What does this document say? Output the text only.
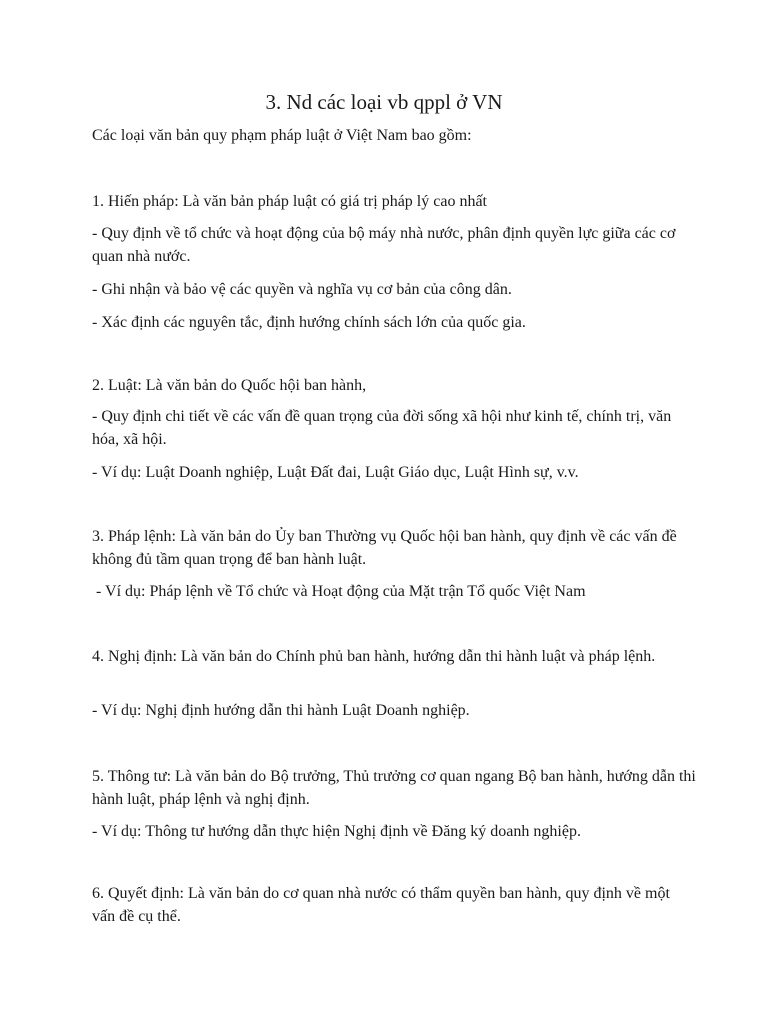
3. Nd các loại vb qppl ở VN
Các loại văn bản quy phạm pháp luật ở Việt Nam bao gồm:
1. Hiến pháp: Là văn bản pháp luật có giá trị pháp lý cao nhất
- Quy định về tổ chức và hoạt động của bộ máy nhà nước, phân định quyền lực giữa các cơ quan nhà nước.
- Ghi nhận và bảo vệ các quyền và nghĩa vụ cơ bản của công dân.
- Xác định các nguyên tắc, định hướng chính sách lớn của quốc gia.
2. Luật: Là văn bản do Quốc hội ban hành,
- Quy định chi tiết về các vấn đề quan trọng của đời sống xã hội như kinh tế, chính trị, văn hóa, xã hội.
- Ví dụ: Luật Doanh nghiệp, Luật Đất đai, Luật Giáo dục, Luật Hình sự, v.v.
3. Pháp lệnh: Là văn bản do Ủy ban Thường vụ Quốc hội ban hành, quy định về các vấn đề không đủ tầm quan trọng để ban hành luật.
- Ví dụ: Pháp lệnh về Tổ chức và Hoạt động của Mặt trận Tổ quốc Việt Nam
4. Nghị định: Là văn bản do Chính phủ ban hành, hướng dẫn thi hành luật và pháp lệnh.
- Ví dụ: Nghị định hướng dẫn thi hành Luật Doanh nghiệp.
5. Thông tư: Là văn bản do Bộ trưởng, Thủ trưởng cơ quan ngang Bộ ban hành, hướng dẫn thi hành luật, pháp lệnh và nghị định.
- Ví dụ: Thông tư hướng dẫn thực hiện Nghị định về Đăng ký doanh nghiệp.
6. Quyết định: Là văn bản do cơ quan nhà nước có thẩm quyền ban hành, quy định về một vấn đề cụ thể.
